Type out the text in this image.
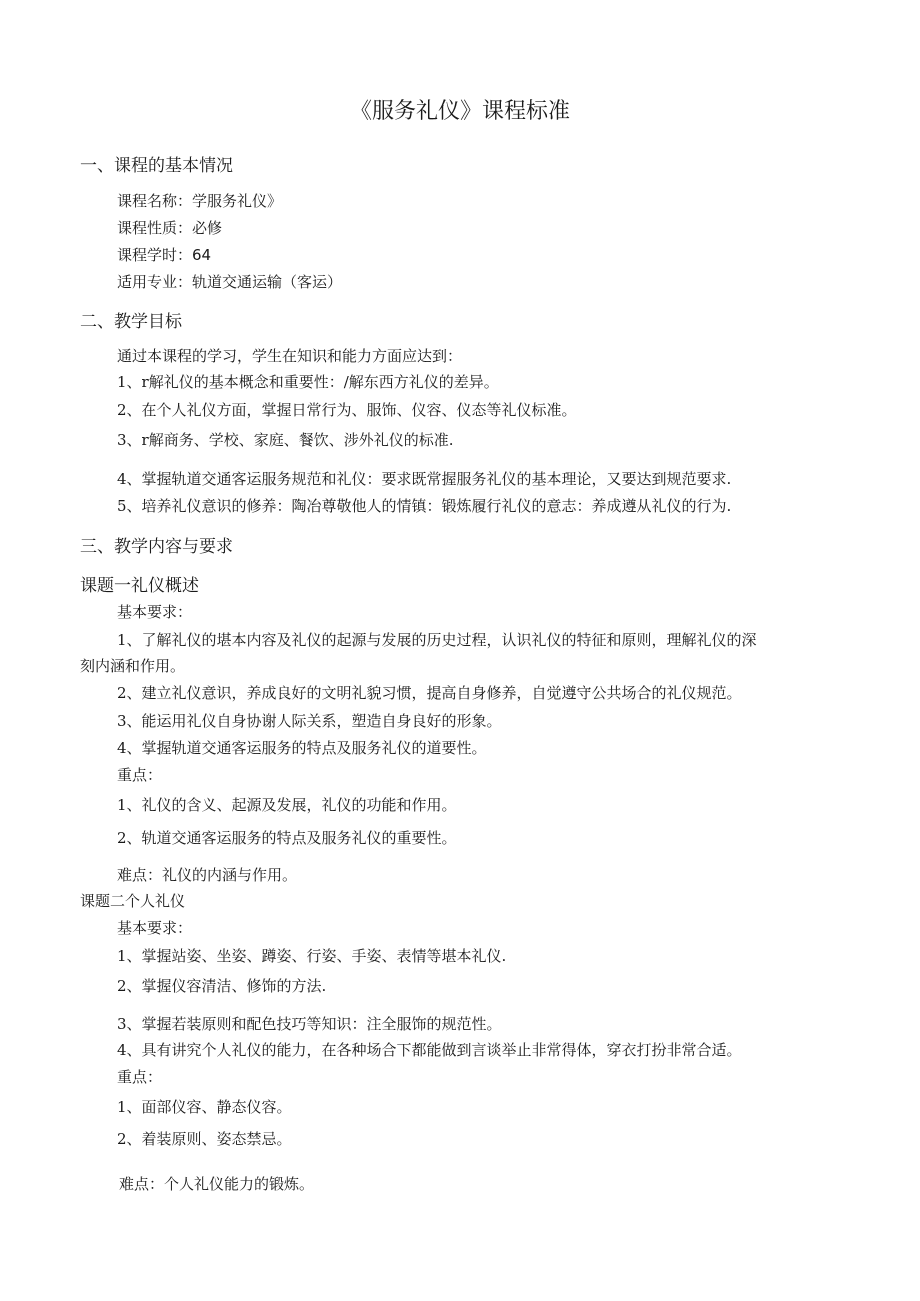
《服务礼仪》课程标准
一、课程的基本情况
课程名称：学服务礼仪》
课程性质：必修
课程学时：64
适用专业：轨道交通运输（客运）
二、教学目标
通过本课程的学习，学生在知识和能力方面应达到：
1、r解礼仪的基本概念和重要性：/解东西方礼仪的差异。
2、在个人礼仪方面，掌握日常行为、服饰、仪容、仪态等礼仪标准。
3、r解商务、学校、家庭、餐饮、涉外礼仪的标准.
4、掌握轨道交通客运服务规范和礼仪：要求既常握服务礼仪的基本理论，又要达到规范要求.
5、培养礼仪意识的修养：陶冶尊敬他人的情镇：锻炼履行礼仪的意志：养成遵从礼仪的行为.
三、教学内容与要求
课题一礼仪概述
基本要求：
1、了解礼仪的堪本内容及礼仪的起源与发展的历史过程，认识礼仪的特征和原则，理解礼仪的深
刻内涵和作用。
2、建立礼仪意识，养成良好的文明礼貌习惯，提高自身修养，自觉遵守公共场合的礼仪规范。
3、能运用礼仪自身协谢人际关系，塑造自身良好的形象。
4、掌握轨道交通客运服务的特点及服务礼仪的道要性。
重点：
1、礼仪的含义、起源及发展，礼仪的功能和作用。
2、轨道交通客运服务的特点及服务礼仪的重要性。
难点：礼仪的内涵与作用。
课题二个人礼仪
基本要求：
1、掌握站姿、坐姿、蹲姿、行姿、手姿、表情等堪本礼仪.
2、掌握仪容清洁、修饰的方法.
3、掌握若装原则和配色技巧等知识：注全服饰的规范性。
4、具有讲究个人礼仪的能力，在各种场合下都能做到言谈举止非常得体，穿衣打扮非常合适。
重点：
1、面部仪容、静态仪容。
2、着装原则、姿态禁忌。
难点：个人礼仪能力的锻炼。
